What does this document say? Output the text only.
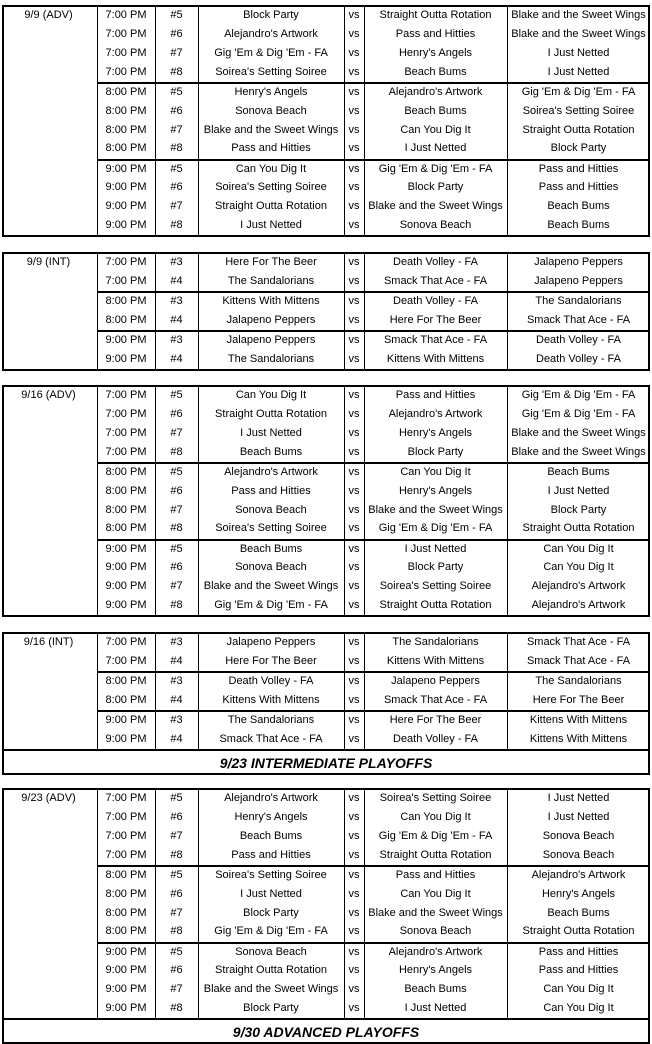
9/9 (ADV)	7:00 PM	#5	Block Party	vs	Straight Outta Rotation	Blake and the Sweet Wings
7:00 PM	#6	Alejandro's Artwork	vs	Pass and Hitties	Blake and the Sweet Wings
7:00 PM	#7	Gig 'Em & Dig 'Em - FA	vs	Henry's Angels	I Just Netted
7:00 PM	#8	Soirea's Setting Soiree	vs	Beach Bums	I Just Netted
8:00 PM	#5	Henry's Angels	vs	Alejandro's Artwork	Gig 'Em & Dig 'Em - FA
8:00 PM	#6	Sonova Beach	vs	Beach Bums	Soirea's Setting Soiree
8:00 PM	#7	Blake and the Sweet Wings vs	Can You Dig It	Straight Outta Rotation
8:00 PM	#8	Pass and Hitties	vs	I Just Netted	Block Party
9:00 PM	#5	Can You Dig It	vs	Gig 'Em & Dig 'Em - FA	Pass and Hitties
9:00 PM	#6	Soirea's Setting Soiree	vs	Block Party	Pass and Hitties
9:00 PM	#7	Straight Outta Rotation	vs Blake and the Sweet Wings	Beach Bums
9:00 PM	#8	I Just Netted	vs	Sonova Beach	Beach Bums
9/9 (INT)	7:00 PM	#3	Here For The Beer	vs	Death Volley - FA	Jalapeno Peppers
7:00 PM	#4	The Sandalorians	vs	Smack That Ace - FA	Jalapeno Peppers
8:00 PM	#3	Kittens With Mittens	vs	Death Volley - FA	The Sandalorians
8:00 PM	#4	Jalapeno Peppers	vs	Here For The Beer	Smack That Ace - FA
9:00 PM	#3	Jalapeno Peppers	vs	Smack That Ace - FA	Death Volley - FA
9:00 PM	#4	The Sandalorians	vs	Kittens With Mittens	Death Volley - FA
9/16 (ADV)	7:00 PM	#5	Can You Dig It	vs	Pass and Hitties	Gig 'Em & Dig 'Em - FA
7:00 PM	#6	Straight Outta Rotation	vs	Alejandro's Artwork	Gig 'Em & Dig 'Em - FA
7:00 PM	#7	I Just Netted	vs	Henry's Angels	Blake and the Sweet Wings
7:00 PM	#8	Beach Bums	vs	Block Party	Blake and the Sweet Wings
8:00 PM	#5	Alejandro's Artwork	vs	Can You Dig It	Beach Bums
8:00 PM	#6	Pass and Hitties	vs	Henry's Angels	I Just Netted
8:00 PM	#7	Sonova Beach	vs Blake and the Sweet Wings	Block Party
8:00 PM	#8	Soirea's Setting Soiree	vs	Gig 'Em & Dig 'Em - FA	Straight Outta Rotation
9:00 PM	#5	Beach Bums	vs	I Just Netted	Can You Dig It
9:00 PM	#6	Sonova Beach	vs	Block Party	Can You Dig It
9:00 PM	#7	Blake and the Sweet Wings vs	Soirea's Setting Soiree	Alejandro's Artwork
9:00 PM	#8	Gig 'Em & Dig 'Em - FA	vs	Straight Outta Rotation	Alejandro's Artwork
9/16 (INT)	7:00 PM	#3	Jalapeno Peppers	vs	The Sandalorians	Smack That Ace - FA
7:00 PM	#4	Here For The Beer	vs	Kittens With Mittens	Smack That Ace - FA
8:00 PM	#3	Death Volley - FA	vs	Jalapeno Peppers	The Sandalorians
8:00 PM	#4	Kittens With Mittens	vs	Smack That Ace - FA	Here For The Beer
9:00 PM	#3	The Sandalorians	vs	Here For The Beer	Kittens With Mittens
9:00 PM	#4	Smack That Ace - FA	vs	Death Volley - FA	Kittens With Mittens
9/23 INTERMEDIATE PLAYOFFS
9/23 (ADV)	7:00 PM	#5	Alejandro's Artwork	vs	Soirea's Setting Soiree	I Just Netted
7:00 PM	#6	Henry's Angels	vs	Can You Dig It	I Just Netted
7:00 PM	#7	Beach Bums	vs	Gig 'Em & Dig 'Em - FA	Sonova Beach
7:00 PM	#8	Pass and Hitties	vs	Straight Outta Rotation	Sonova Beach
8:00 PM	#5	Soirea's Setting Soiree	vs	Pass and Hitties	Alejandro's Artwork
8:00 PM	#6	I Just Netted	vs	Can You Dig It	Henry's Angels
8:00 PM	#7	Block Party	vs Blake and the Sweet Wings	Beach Bums
8:00 PM	#8	Gig 'Em & Dig 'Em - FA	vs	Sonova Beach	Straight Outta Rotation
9:00 PM	#5	Sonova Beach	vs	Alejandro's Artwork	Pass and Hitties
9:00 PM	#6	Straight Outta Rotation	vs	Henry's Angels	Pass and Hitties
9:00 PM	#7	Blake and the Sweet Wings vs	Beach Bums	Can You Dig It
9:00 PM	#8	Block Party	vs	I Just Netted	Can You Dig It
9/30 ADVANCED PLAYOFFS
